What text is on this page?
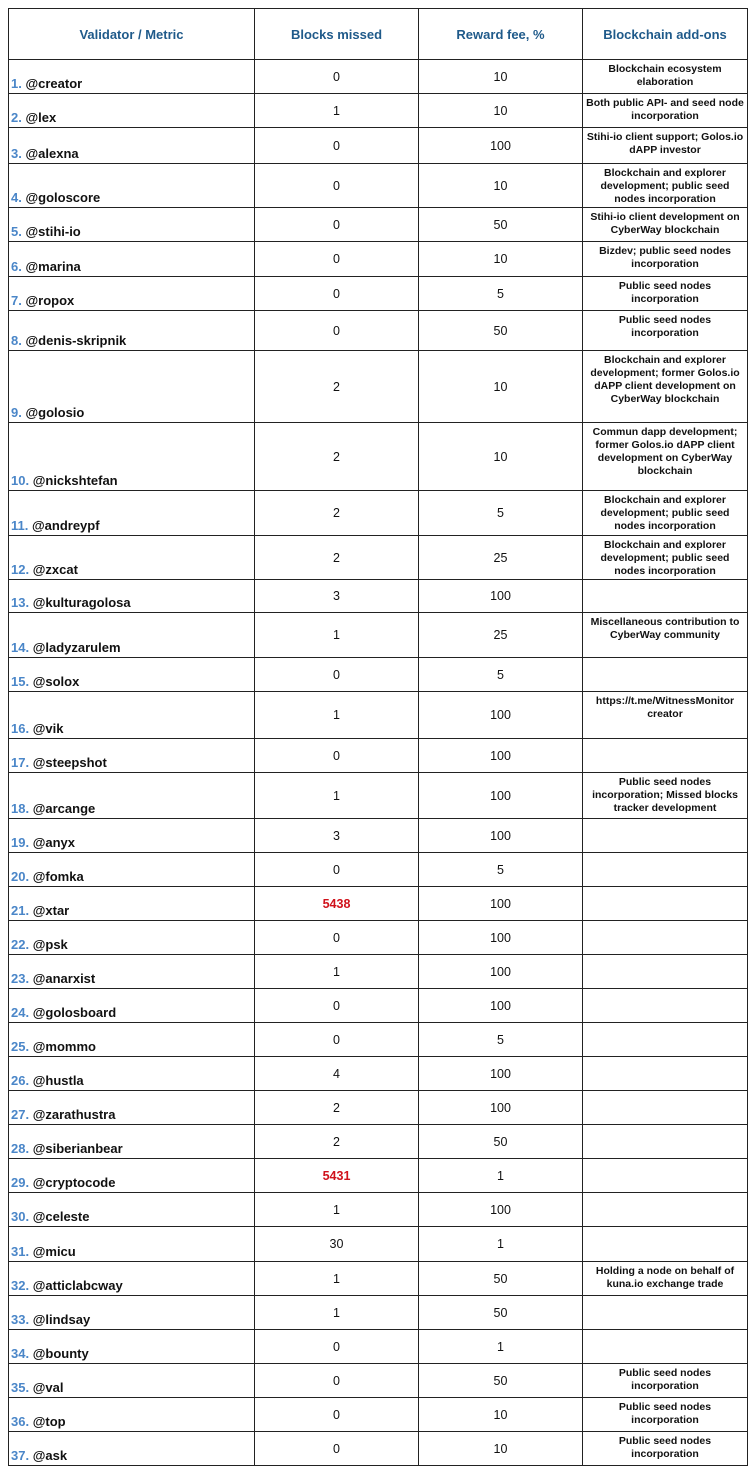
Validator / Metric	Blocks missed	Reward fee, %	Blockchain add-ons
1. @creator	0	10	Blockchain ecosystem elaboration
2. @lex	1	10	Both public API- and seed node incorporation
3. @alexna	0	100	Stihi-io client support; Golos.io dAPP investor
4. @goloscore	0	10	Blockchain and explorer development; public seed nodes incorporation
5. @stihi-io	0	50	Stihi-io client development on CyberWay blockchain
6. @marina	0	10	Bizdev; public seed nodes incorporation
7. @ropox	0	5	Public seed nodes incorporation
8. @denis-skripnik	0	50	Public seed nodes incorporation
9. @golosio	2	10	Blockchain and explorer development; former Golos.io dAPP client development on CyberWay blockchain
10. @nickshtefan	2	10	Commun dapp development; former Golos.io dAPP client development on CyberWay blockchain
11. @andreypf	2	5	Blockchain and explorer development; public seed nodes incorporation
12. @zxcat	2	25	Blockchain and explorer development; public seed nodes incorporation
13. @kulturagolosa	3	100	
14. @ladyzarulem	1	25	Miscellaneous contribution to CyberWay community
15. @solox	0	5	
16. @vik	1	100	https://t.me/WitnessMonitor creator
17. @steepshot	0	100	
18. @arcange	1	100	Public seed nodes incorporation; Missed blocks tracker development
19. @anyx	3	100	
20. @fomka	0	5	
21. @xtar	5438	100	
22. @psk	0	100	
23. @anarxist	1	100	
24. @golosboard	0	100	
25. @mommo	0	5	
26. @hustla	4	100	
27. @zarathustra	2	100	
28. @siberianbear	2	50	
29. @cryptocode	5431	1	
30. @celeste	1	100	
31. @micu	30	1	
32. @atticlabcway	1	50	Holding a node on behalf of kuna.io exchange trade
33. @lindsay	1	50	
34. @bounty	0	1	
35. @val	0	50	Public seed nodes incorporation
36. @top	0	10	Public seed nodes incorporation
37. @ask	0	10	Public seed nodes incorporation
